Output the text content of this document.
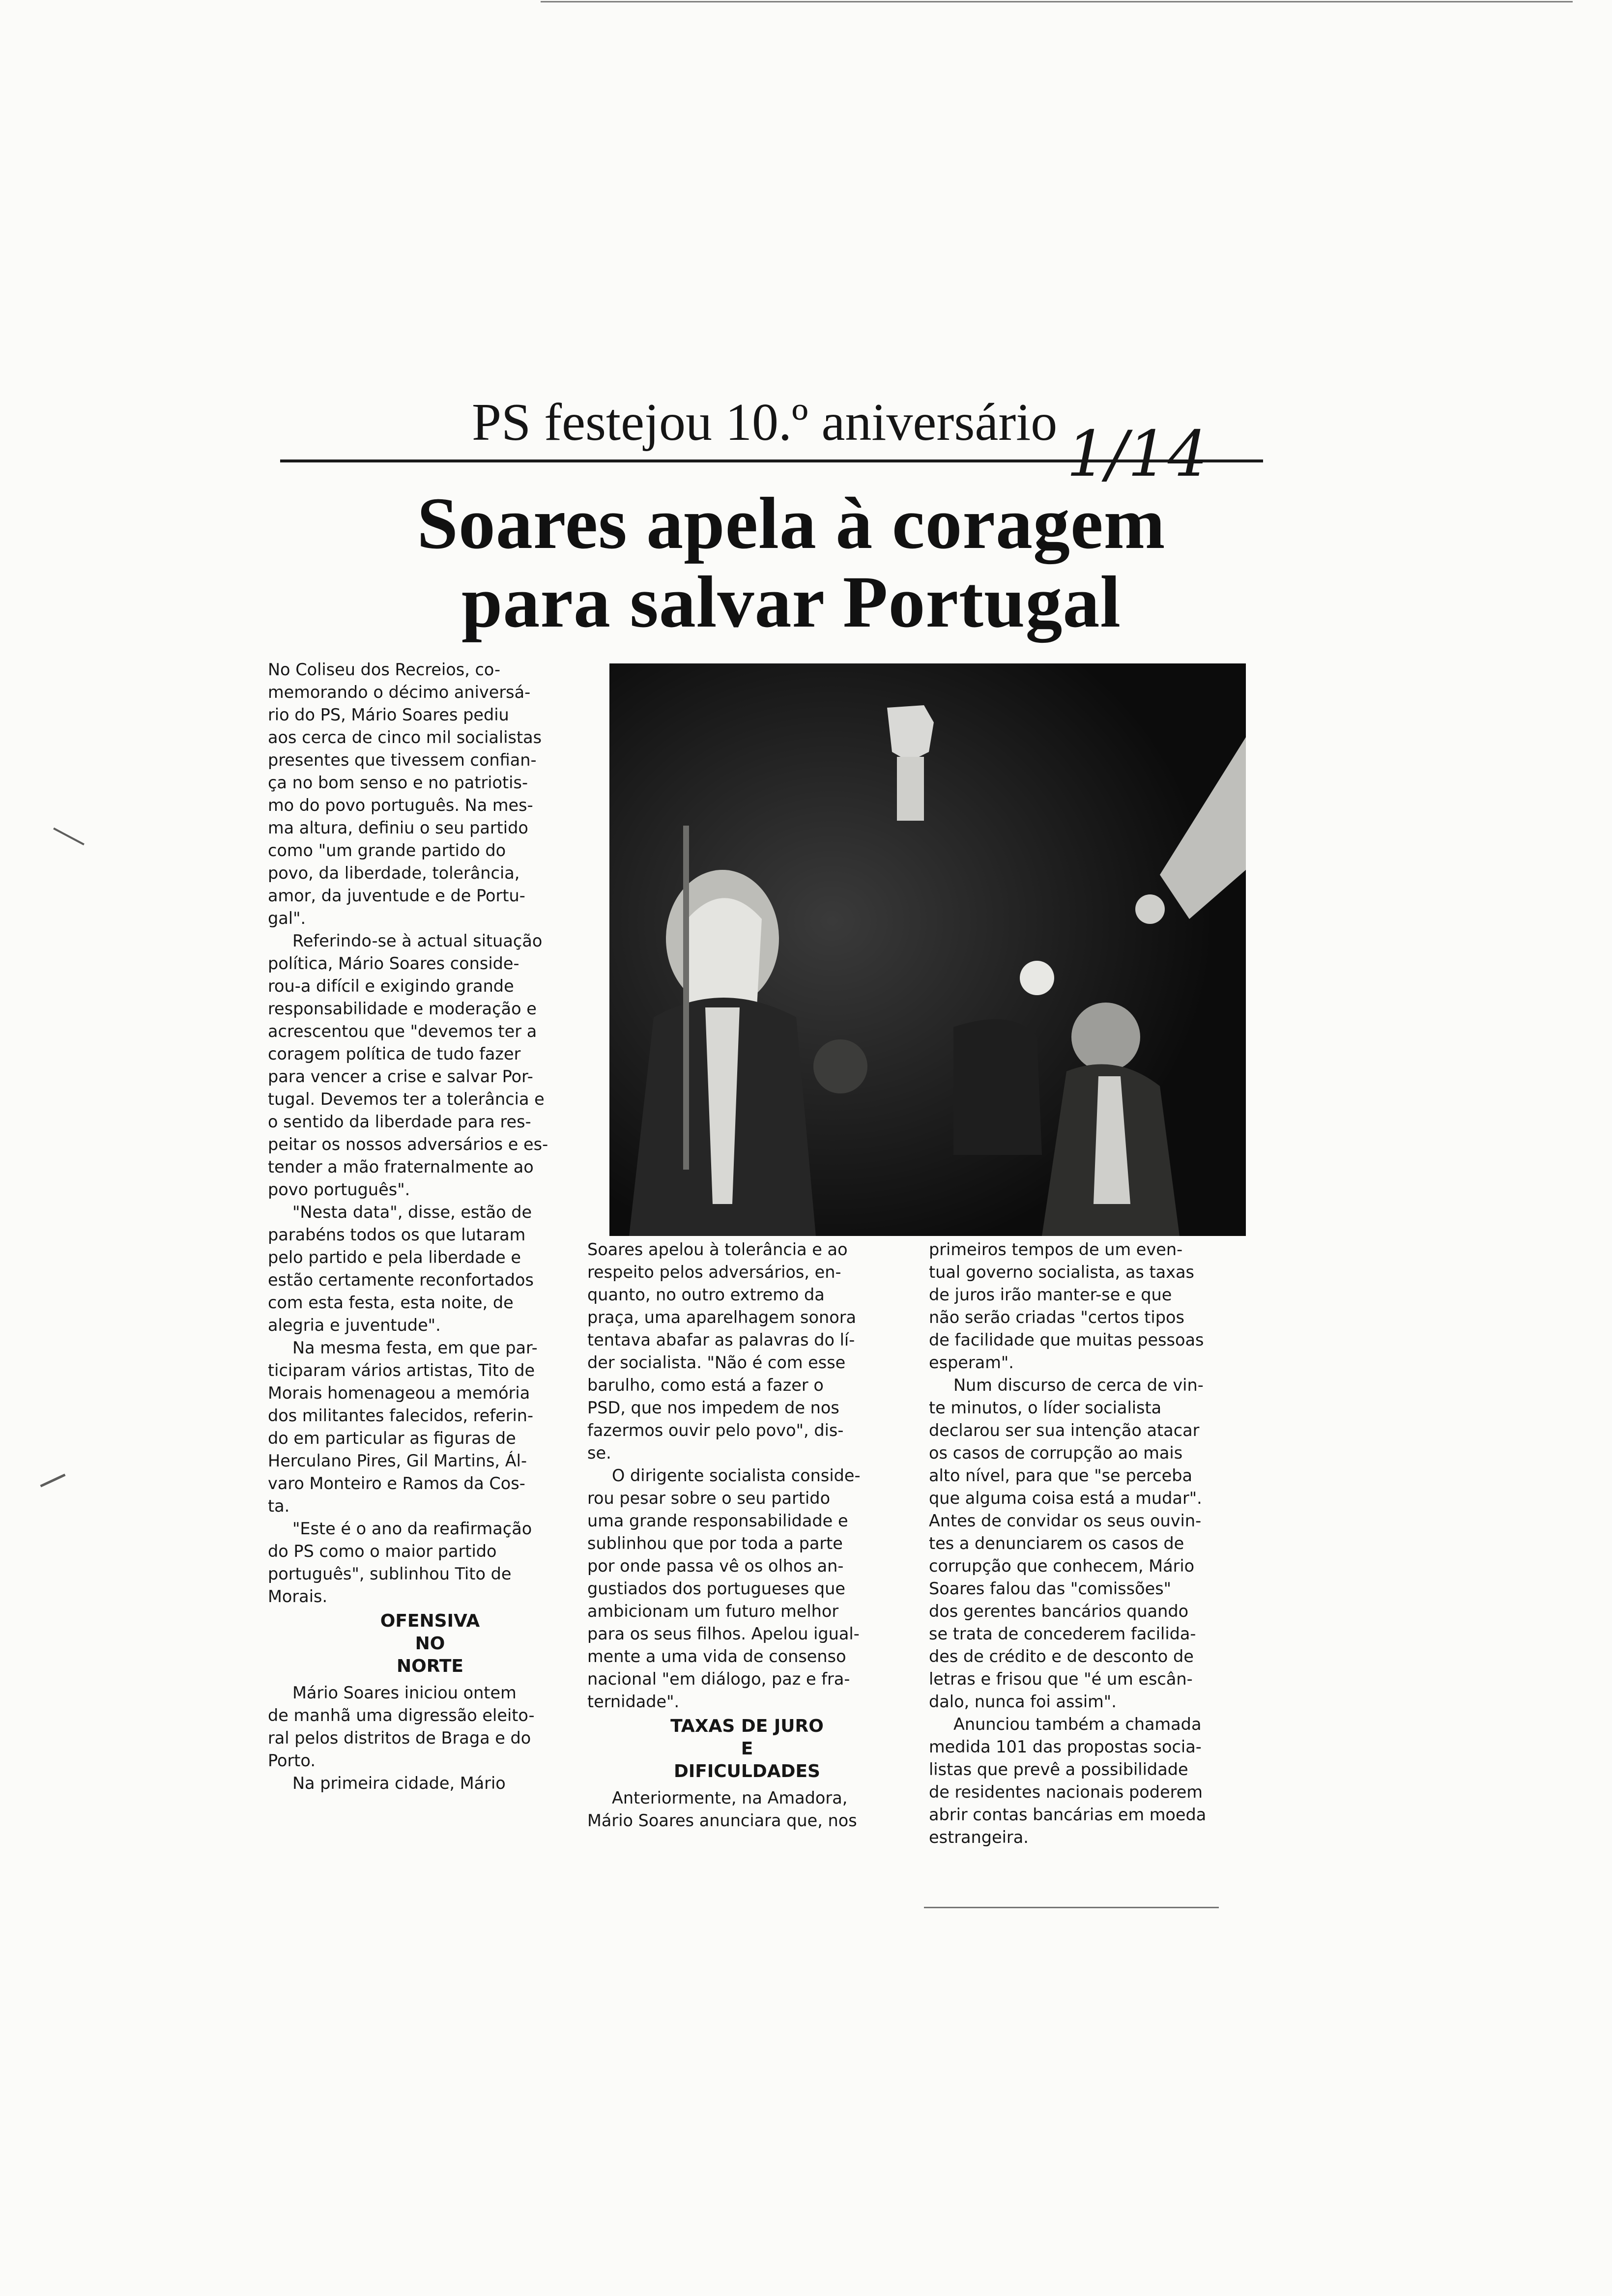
PS festejou 10.º aniversário 1/14
Soares apela à coragem
para salvar Portugal

No Coliseu dos Recreios, co-
memorando o décimo aniversá-
rio do PS, Mário Soares pediu
aos cerca de cinco mil socialistas
presentes que tivessem confian-
ça no bom senso e no patriotis-
mo do povo português. Na mes-
ma altura, definiu o seu partido
como "um grande partido do
povo, da liberdade, tolerância,
amor, da juventude e de Portu-
gal".

Referindo-se à actual situação
política, Mário Soares conside-
rou-a difícil e exigindo grande
responsabilidade e moderação e
acrescentou que "devemos ter a
coragem política de tudo fazer
para vencer a crise e salvar Por-
tugal. Devemos ter a tolerância e
o sentido da liberdade para res-
peitar os nossos adversários e es-
tender a mão fraternalmente ao
povo português".

"Nesta data", disse, estão de
parabéns todos os que lutaram
pelo partido e pela liberdade e
estão certamente reconfortados
com esta festa, esta noite, de
alegria e juventude".

Na mesma festa, em que par-
ticiparam vários artistas, Tito de
Morais homenageou a memória
dos militantes falecidos, referin-
do em particular as figuras de
Herculano Pires, Gil Martins, Ál-
varo Monteiro e Ramos da Cos-
ta.

"Este é o ano da reafirmação
do PS como o maior partido
português", sublinhou Tito de
Morais.

OFENSIVA
NO
NORTE

Mário Soares iniciou ontem
de manhã uma digressão eleito-
ral pelos distritos de Braga e do
Porto.

Na primeira cidade, Mário

Soares apelou à tolerância e ao
respeito pelos adversários, en-
quanto, no outro extremo da
praça, uma aparelhagem sonora
tentava abafar as palavras do lí-
der socialista. "Não é com esse
barulho, como está a fazer o
PSD, que nos impedem de nos
fazermos ouvir pelo povo", dis-
se.

O dirigente socialista conside-
rou pesar sobre o seu partido
uma grande responsabilidade e
sublinhou que por toda a parte
por onde passa vê os olhos an-
gustiados dos portugueses que
ambicionam um futuro melhor
para os seus filhos. Apelou igual-
mente a uma vida de consenso
nacional "em diálogo, paz e fra-
ternidade".

TAXAS DE JURO
E
DIFICULDADES

Anteriormente, na Amadora,
Mário Soares anunciara que, nos

primeiros tempos de um even-
tual governo socialista, as taxas
de juros irão manter-se e que
não serão criadas "certos tipos
de facilidade que muitas pessoas
esperam".

Num discurso de cerca de vin-
te minutos, o líder socialista
declarou ser sua intenção atacar
os casos de corrupção ao mais
alto nível, para que "se perceba
que alguma coisa está a mudar".
Antes de convidar os seus ouvin-
tes a denunciarem os casos de
corrupção que conhecem, Mário
Soares falou das "comissões"
dos gerentes bancários quando
se trata de concederem facilida-
des de crédito e de desconto de
letras e frisou que "é um escân-
dalo, nunca foi assim".

Anunciou também a chamada
medida 101 das propostas socia-
listas que prevê a possibilidade
de residentes nacionais poderem
abrir contas bancárias em moeda
estrangeira.
